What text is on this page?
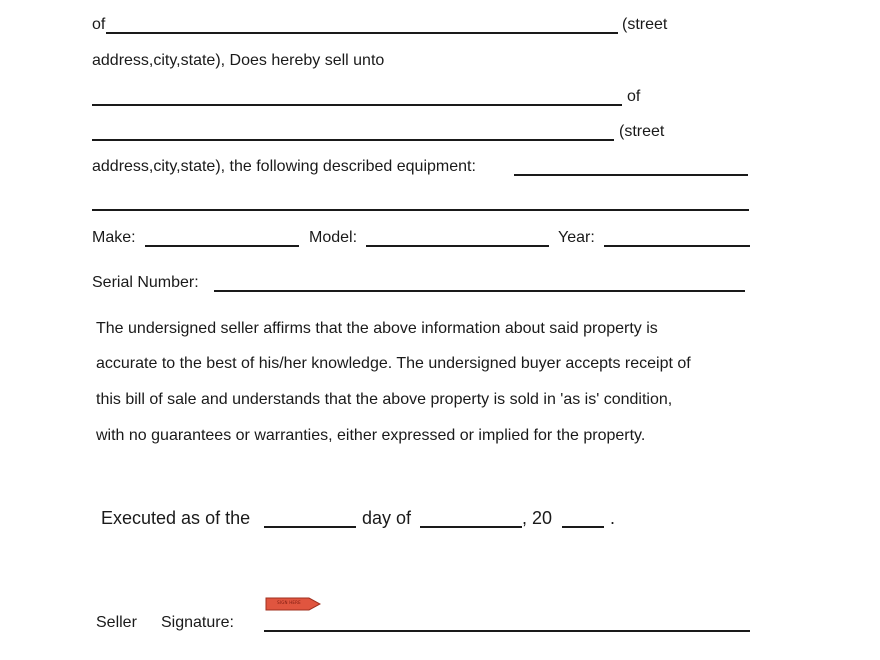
of	(street
address,city,state), Does hereby sell unto
of
(street
address,city,state), the following described equipment:
Make:	Model:	Year:
Serial Number:
The undersigned seller affirms that the above information about said property is
accurate to the best of his/her knowledge. The undersigned buyer accepts receipt of
this bill of sale and understands that the above property is sold in 'as is' condition,
with no guarantees or warranties, either expressed or implied for the property.
Executed as of the	day of	, 20	.
SIGN HERE
Seller Signature:
